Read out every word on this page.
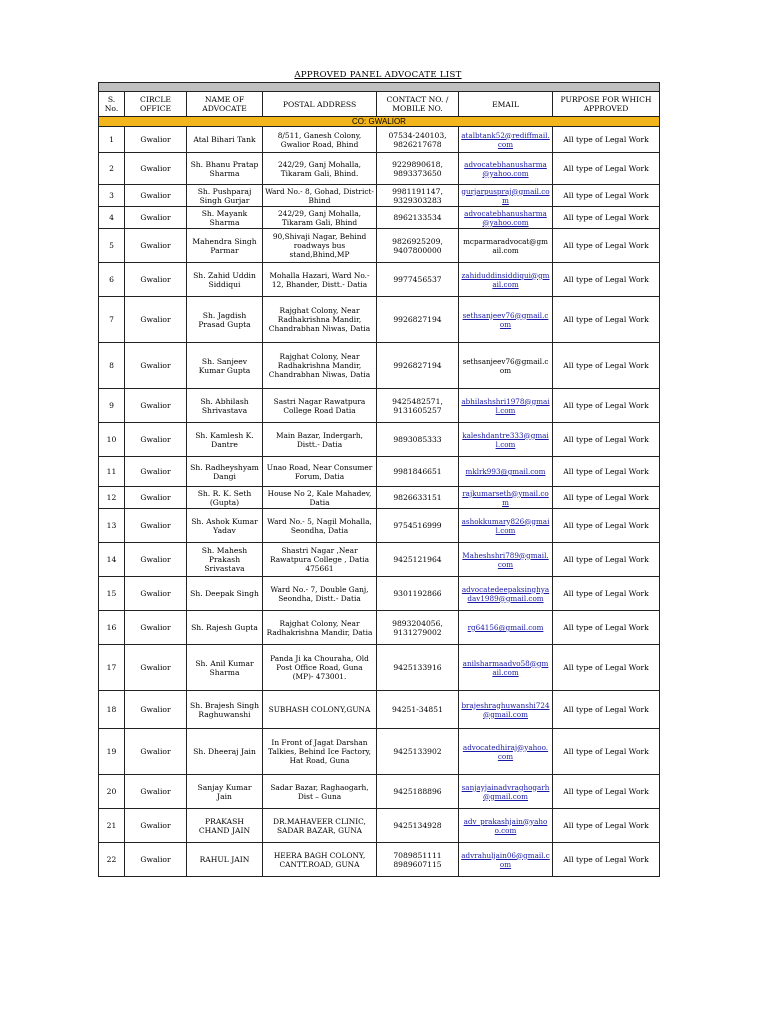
APPROVED PANEL ADVOCATE LIST

S. No.	CIRCLE OFFICE	NAME OF ADVOCATE	POSTAL ADDRESS	CONTACT NO. / MOBILE NO.	EMAIL	PURPOSE FOR WHICH APPROVED
CO: GWALIOR						
1	Gwalior	Atal Bihari Tank	8/511, Ganesh Colony, Gwalior Road, Bhind	07534-240103, 9826217678	atalbtank52@rediffmail.com	All type of Legal Work
2	Gwalior	Sh. Bhanu Pratap Sharma	242/29, Ganj Mohalla, Tikaram Gali, Bhind.	9229890618, 9893373650	advocatebhanusharma@yahoo.com	All type of Legal Work
3	Gwalior	Sh. Pushparaj Singh Gurjar	Ward No.- 8, Gohad, District- Bhind	9981191147, 9329303283	gurjarpuspraj@gmail.com	All type of Legal Work
4	Gwalior	Sh. Mayank Sharma	242/29, Ganj Mohalla, Tikaram Gali, Bhind	8962133534	advocatebhanusharma@yahoo.com	All type of Legal Work
5	Gwalior	Mahendra Singh Parmar	90,Shivaji Nagar, Behind roadways bus stand,Bhind,MP	9826925209, 9407800000	mcparmaradvocat@gmail.com	All type of Legal Work
6	Gwalior	Sh. Zahid Uddin Siddiqui	Mohalla Hazari, Ward No.- 12, Bhander, Distt.- Datia	9977456537	zahiduddinsiddiqui@gmail.com	All type of Legal Work
7	Gwalior	Sh. Jagdish Prasad Gupta	Rajghat Colony, Near Radhakrishna Mandir, Chandrabhan Niwas, Datia	9926827194	sethsanjeev76@gmail.com	All type of Legal Work
8	Gwalior	Sh. Sanjeev Kumar Gupta	Rajghat Colony, Near Radhakrishna Mandir, Chandrabhan Niwas, Datia	9926827194	sethsanjeev76@gmail.com	All type of Legal Work
9	Gwalior	Sh. Abhilash Shrivastava	Sastri Nagar Rawatpura College Road Datia	9425482571, 9131605257	abhilashshri1978@gmail.com	All type of Legal Work
10	Gwalior	Sh. Kamlesh K. Dantre	Main Bazar, Indergarh, Distt.- Datia	9893085333	kaleshdantre333@gmail.com	All type of Legal Work
11	Gwalior	Sh. Radheyshyam Dangi	Unao Road, Near Consumer Forum, Datia	9981846651	mklrk993@gmail.com	All type of Legal Work
12	Gwalior	Sh. R. K. Seth (Gupta)	House No 2, Kale Mahadev, Datia	9826633151	rajkumarseth@ymail.com	All type of Legal Work
13	Gwalior	Sh. Ashok Kumar Yadav	Ward No.- 5, Nagil Mohalla, Seondha, Datia	9754516999	ashokkumary826@gmail.com	All type of Legal Work
14	Gwalior	Sh. Mahesh Prakash Srivastava	Shastri Nagar ,Near Rawatpura College , Datia 475661	9425121964	Maheshshri789@gmail.com	All type of Legal Work
15	Gwalior	Sh. Deepak Singh	Ward No.- 7, Double Ganj, Seondha, Distt.- Datia	9301192866	advocatedeepaksinghyadav1989@gmail.com	All type of Legal Work
16	Gwalior	Sh. Rajesh Gupta	Rajghat Colony, Near Radhakrishna Mandir, Datia	9893204056, 9131279002	rg64156@gmail.com	All type of Legal Work
17	Gwalior	Sh. Anil Kumar Sharma	Panda Ji ka Chouraha, Old Post Office Road, Guna (MP)- 473001.	9425133916	anilsharmaadvo58@gmail.com	All type of Legal Work
18	Gwalior	Sh. Brajesh Singh Raghuwanshi	SUBHASH COLONY,GUNA	94251-34851	brajeshraghuwanshi724@gmail.com	All type of Legal Work
19	Gwalior	Sh. Dheeraj Jain	In Front of Jagat Darshan Talkies, Behind Ice Factory, Hat Road, Guna	9425133902	advocatedhiraj@yahoo.com	All type of Legal Work
20	Gwalior	Sanjay Kumar Jain	Sadar Bazar, Raghaogarh, Dist – Guna	9425188896	sanjayjainadvraghogarh@gmail.com	All type of Legal Work
21	Gwalior	PRAKASH CHAND JAIN	DR.MAHAVEER CLINIC, SADAR BAZAR, GUNA	9425134928	adv_prakashjain@yahoo.com	All type of Legal Work
22	Gwalior	RAHUL JAIN	HEERA BAGH COLONY, CANTT.ROAD, GUNA	7089851111 8989607115	advrahuljain06@gmail.com	All type of Legal Work
